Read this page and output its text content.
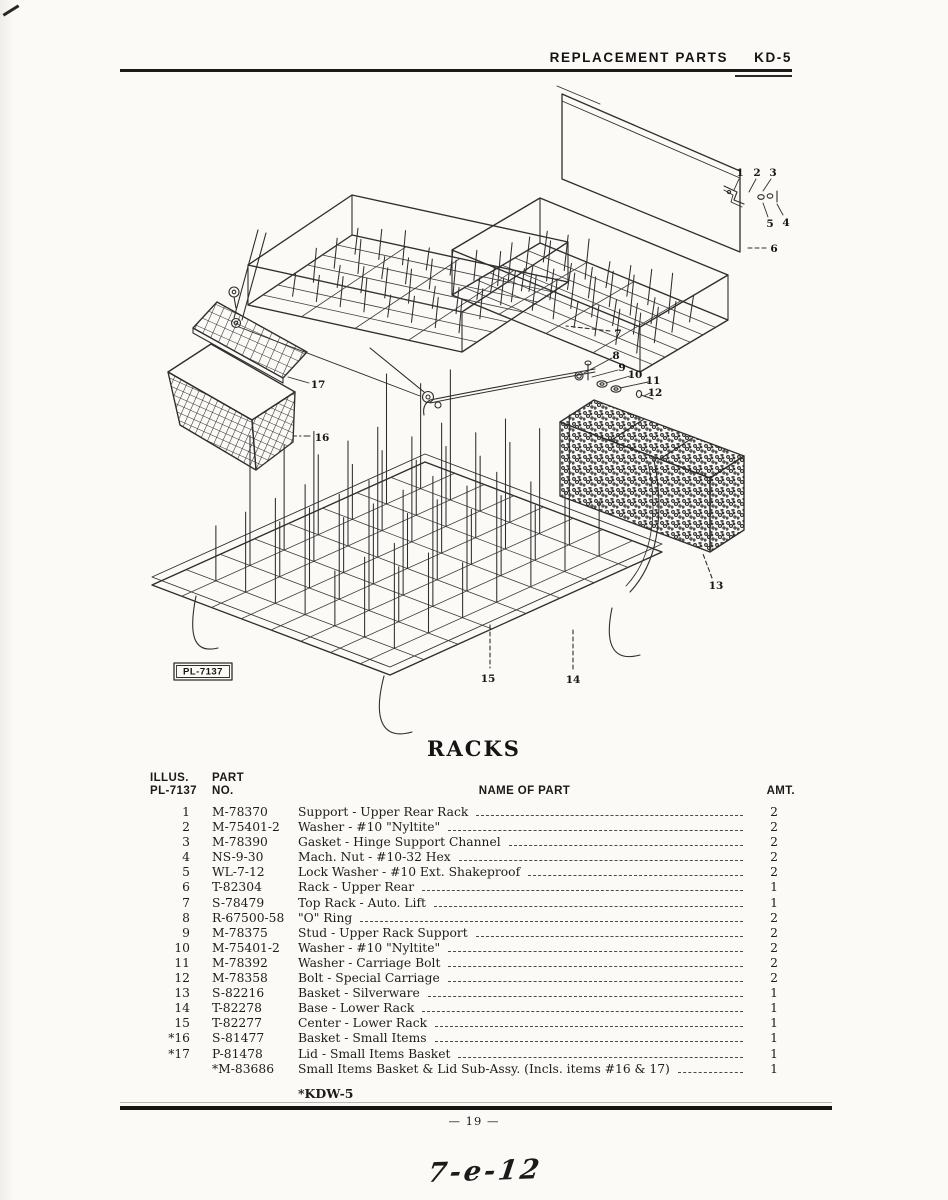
REPLACEMENT PARTS KD-5
PL-7137
1 2 3
4
5
6
7
8
9
10 11
12
13
14
15
16
17
RACKS
ILLUS.
PL-7137
PART
NO.	NAME OF PART	AMT.
1 M-78370	Support - Upper Rear Rack	2
2 M-75401-2	Washer - #10 "Nyltite"	2
3 M-78390	Gasket - Hinge Support Channel	2
4 NS-9-30	Mach. Nut - #10-32 Hex	2
5 WL-7-12	Lock Washer - #10 Ext. Shakeproof	2
6 T-82304	Rack - Upper Rear	1
7 S-78479	Top Rack - Auto. Lift	1
8 R-67500-58	"O" Ring	2
9 M-78375	Stud - Upper Rack Support	2
10 M-75401-2	Washer - #10 "Nyltite"	2
11 M-78392	Washer - Carriage Bolt	2
12 M-78358	Bolt - Special Carriage	2
13 S-82216	Basket - Silverware	1
14 T-82278	Base - Lower Rack	1
15 T-82277	Center - Lower Rack	1
*16 S-81477	Basket - Small Items	1
*17 P-81478	Lid - Small Items Basket	1
*M-83686	Small Items Basket & Lid Sub-Assy. (Incls. items #16 & 17)	1
*KDW-5
— 19 —
7-e-12
